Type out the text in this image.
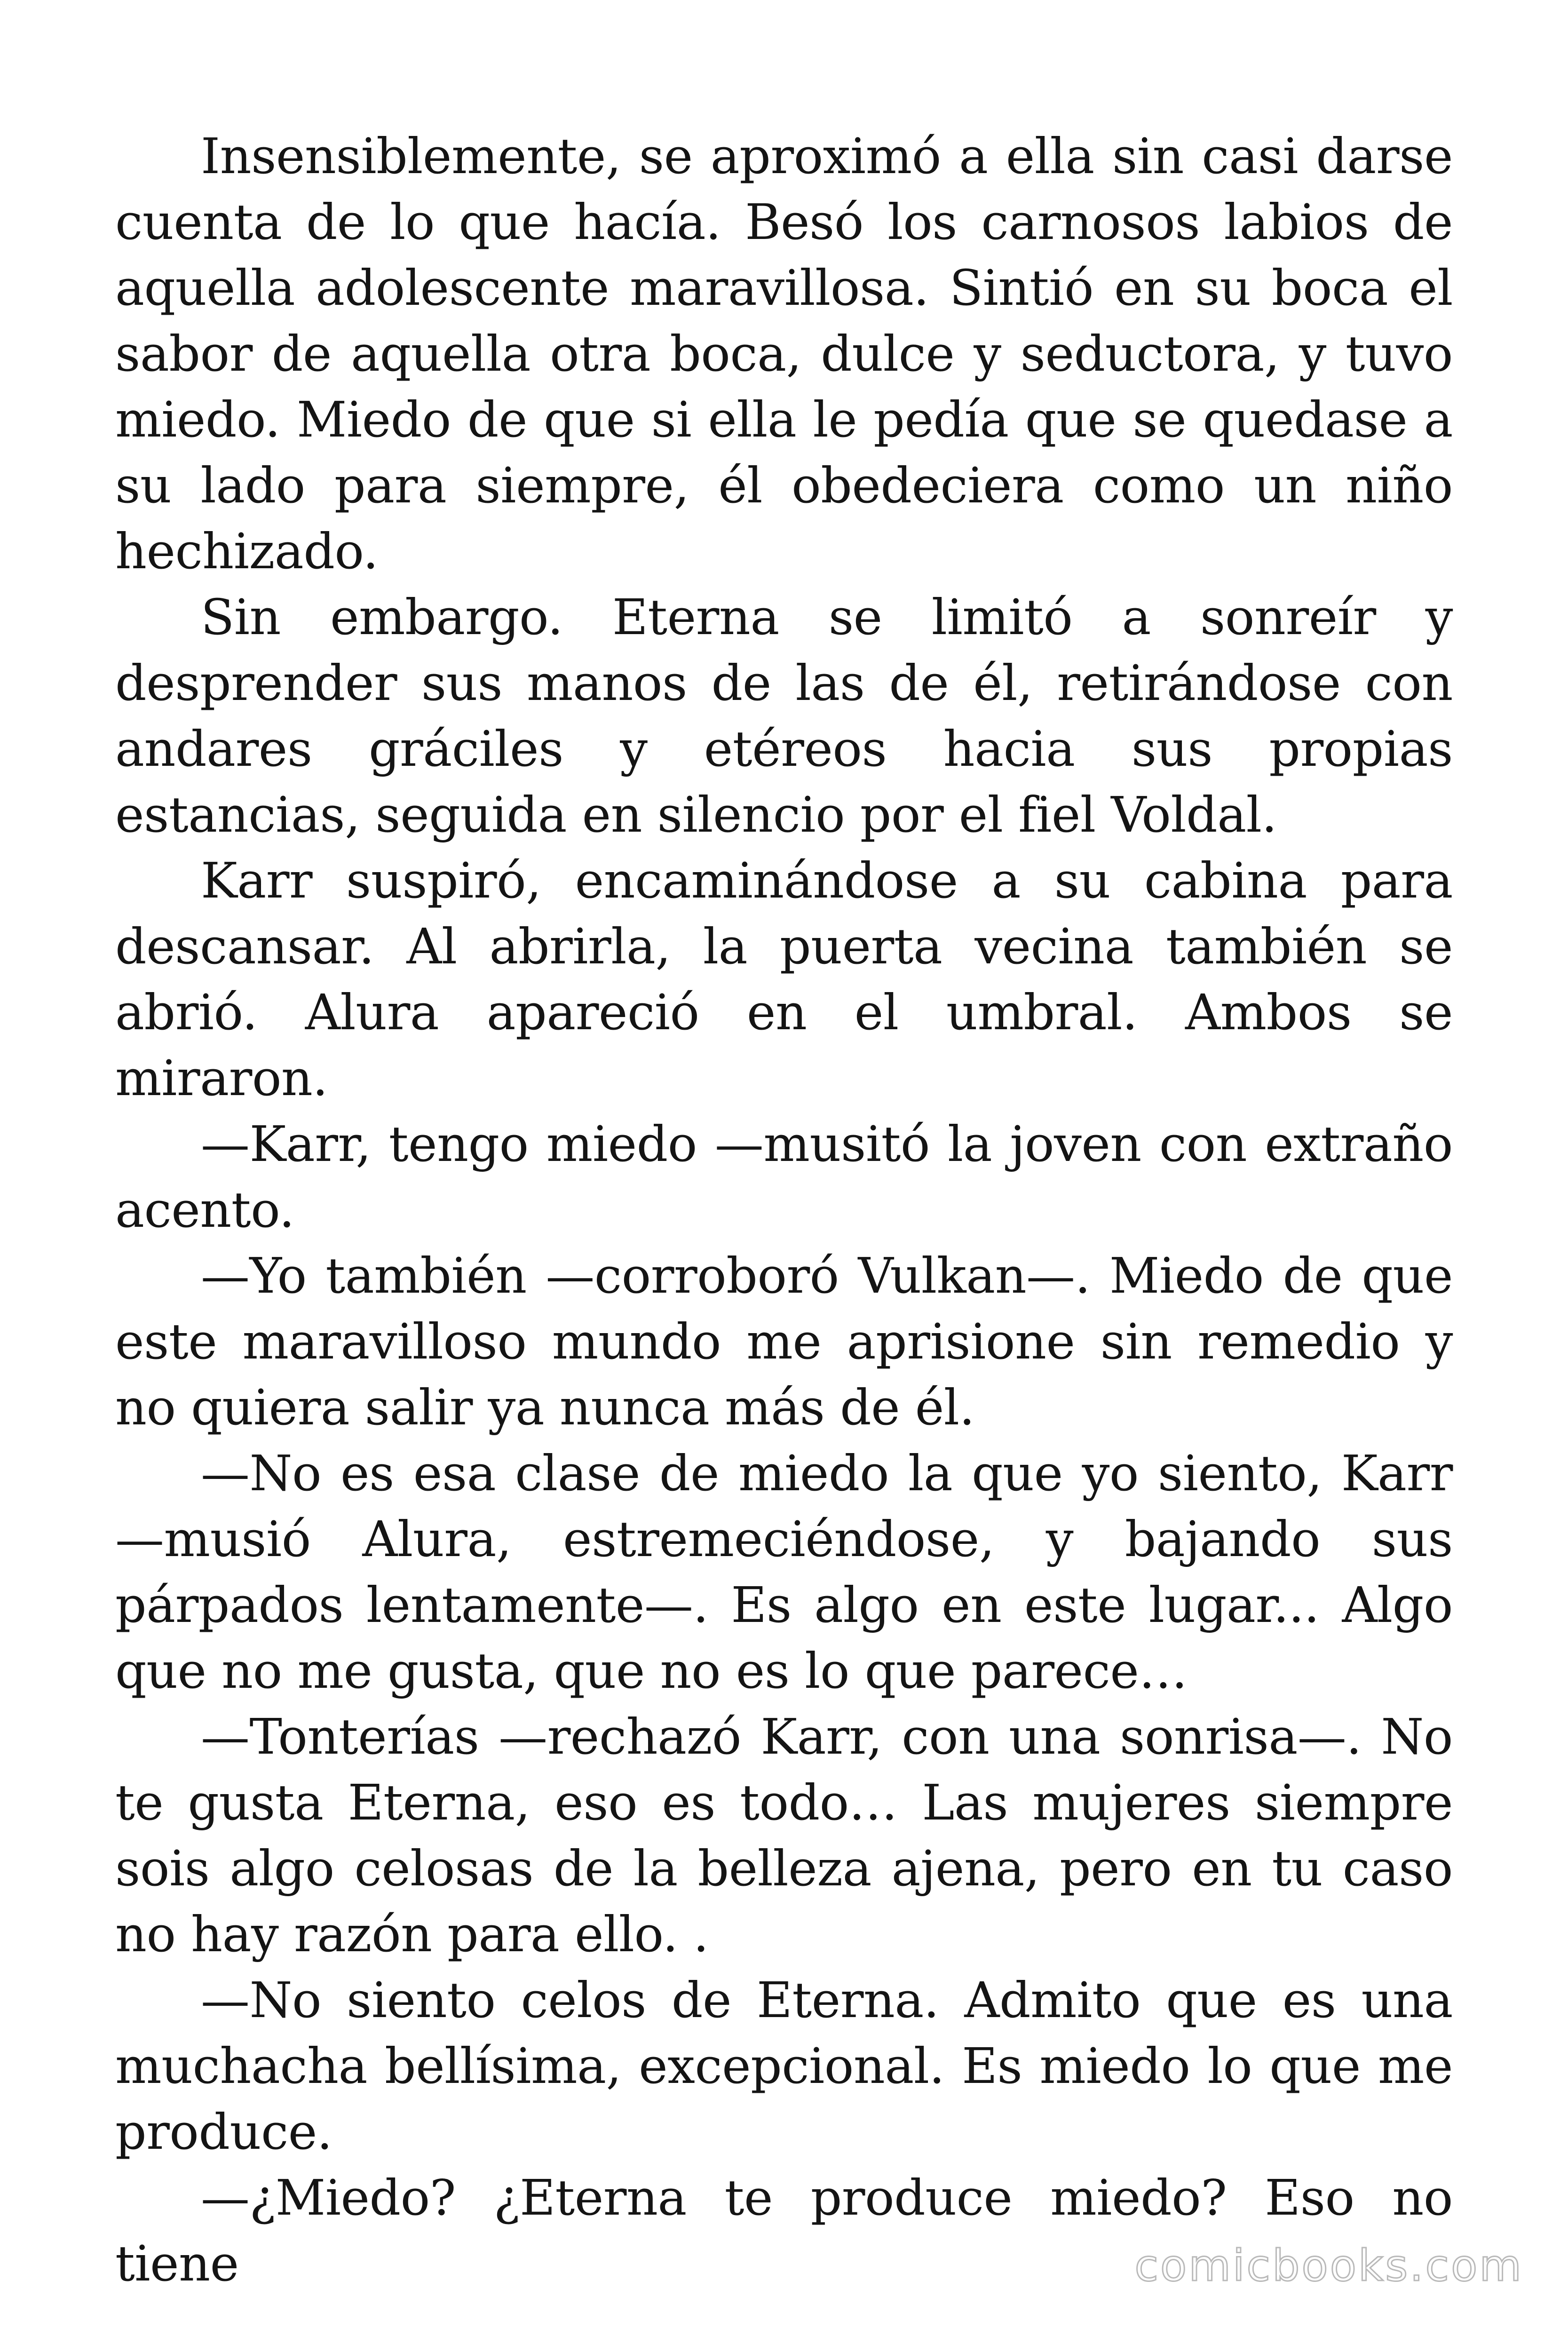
Insensiblemente, se aproximó a ella sin casi darse cuenta de lo que hacía. Besó los carnosos labios de aquella adolescente maravillosa. Sintió en su boca el sabor de aquella otra boca, dulce y seductora, y tuvo miedo. Miedo de que si ella le pedía que se quedase a su lado para siempre, él obedeciera como un niño hechizado.

Sin embargo. Eterna se limitó a sonreír y desprender sus manos de las de él, retirándose con andares gráciles y etéreos hacia sus propias estancias, seguida en silencio por el fiel Voldal.

Karr suspiró, encaminándose a su cabina para descansar. Al abrirla, la puerta vecina también se abrió. Alura apareció en el umbral. Ambos se miraron.

—Karr, tengo miedo —musitó la joven con extraño acento.

—Yo también —corroboró Vulkan—. Miedo de que este maravilloso mundo me aprisione sin remedio y no quiera salir ya nunca más de él.

—No es esa clase de miedo la que yo siento, Karr —musió Alura, estremeciéndose, y bajando sus párpados lentamente—. Es algo en este lugar... Algo que no me gusta, que no es lo que parece…

—Tonterías —rechazó Karr, con una sonrisa—. No te gusta Eterna, eso es todo… Las mujeres siempre sois algo celosas de la belleza ajena, pero en tu caso no hay razón para ello. .

—No siento celos de Eterna. Admito que es una muchacha bellísima, excepcional. Es miedo lo que me produce.

—¿Miedo? ¿Eterna te produce miedo? Eso no tiene	comicbooks.com
